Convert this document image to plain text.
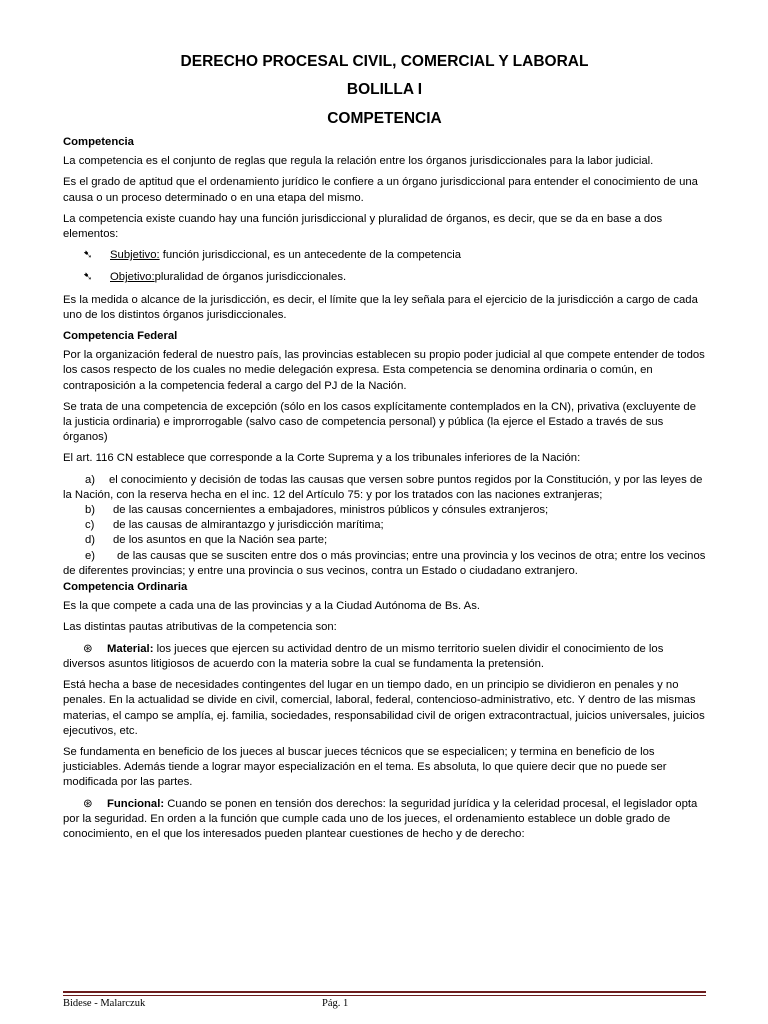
DERECHO PROCESAL CIVIL, COMERCIAL Y LABORAL
BOLILLA I
COMPETENCIA
Competencia

La competencia es el conjunto de reglas que regula la relación entre los órganos jurisdiccionales para la labor judicial.

Es el grado de aptitud que el ordenamiento jurídico le confiere a un órgano jurisdiccional para entender el conocimiento de una causa o un proceso determinado o en una etapa del mismo.

La competencia existe cuando hay una función jurisdiccional y pluralidad de órganos, es decir, que se da en base a dos elementos:

➷ Subjetivo: función jurisdiccional, es un antecedente de la competencia
➷ Objetivo:pluralidad de órganos jurisdiccionales.

Es la medida o alcance de la jurisdicción, es decir, el límite que la ley señala para el ejercicio de la jurisdicción a cargo de cada uno de los distintos órganos jurisdiccionales.

Competencia Federal

Por la organización federal de nuestro país, las provincias establecen su propio poder judicial al que compete entender de todos los casos respecto de los cuales no medie delegación expresa. Esta competencia se denomina ordinaria o común, en contraposición a la competencia federal a cargo del PJ de la Nación.

Se trata de una competencia de excepción (sólo en los casos explícitamente contemplados en la CN), privativa (excluyente de la justicia ordinaria) e improrrogable (salvo caso de competencia personal) y pública (la ejerce el Estado a través de sus órganos)

El art. 116 CN establece que corresponde a la Corte Suprema y a los tribunales inferiores de la Nación:

a) el conocimiento y decisión de todas las causas que versen sobre puntos regidos por la Constitución, y por las leyes de la Nación, con la reserva hecha en el inc. 12 del Artículo 75: y por los tratados con las naciones extranjeras;
b) de las causas concernientes a embajadores, ministros públicos y cónsules extranjeros;
c) de las causas de almirantazgo y jurisdicción marítima;
d) de los asuntos en que la Nación sea parte;
e) de las causas que se susciten entre dos o más provincias; entre una provincia y los vecinos de otra; entre los vecinos de diferentes provincias; y entre una provincia o sus vecinos, contra un Estado o ciudadano extranjero.
Competencia Ordinaria

Es la que compete a cada una de las provincias y a la Ciudad Autónoma de Bs. As.

Las distintas pautas atributivas de la competencia son:

⊛ Material: los jueces que ejercen su actividad dentro de un mismo territorio suelen dividir el conocimiento de los diversos asuntos litigiosos de acuerdo con la materia sobre la cual se fundamenta la pretensión.

Está hecha a base de necesidades contingentes del lugar en un tiempo dado, en un principio se dividieron en penales y no penales. En la actualidad se divide en civil, comercial, laboral, federal, contencioso-administrativo, etc. Y dentro de las mismas materias, el campo se amplía, ej. familia, sociedades, responsabilidad civil de origen extracontractual, juicios universales, juicios ejecutivos, etc.

Se fundamenta en beneficio de los jueces al buscar jueces técnicos que se especialicen; y termina en beneficio de los justiciables. Además tiende a lograr mayor especialización en el tema. Es absoluta, lo que quiere decir que no puede ser modificada por las partes.

⊛ Funcional: Cuando se ponen en tensión dos derechos: la seguridad jurídica y la celeridad procesal, el legislador opta por la seguridad. En orden a la función que cumple cada uno de los jueces, el ordenamiento establece un doble grado de conocimiento, en el que los interesados pueden plantear cuestiones de hecho y de derecho:

Bidese - Malarczuk	Pág. 1
